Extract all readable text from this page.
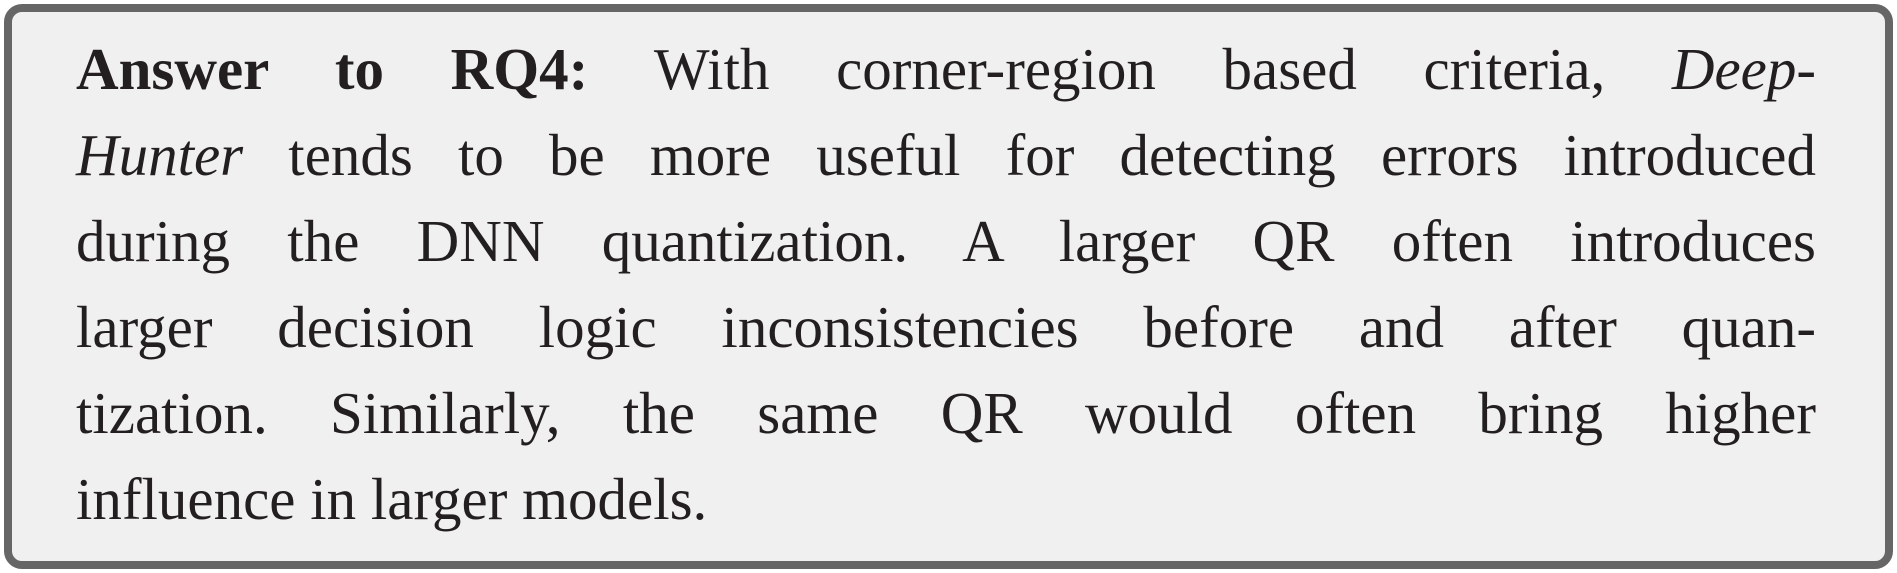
Answer to RQ4: With corner-region based criteria, Deep-
Hunter tends to be more useful for detecting errors introduced
during the DNN quantization. A larger QR often introduces
larger decision logic inconsistencies before and after quan-
tization. Similarly, the same QR would often bring higher
influence in larger models.
